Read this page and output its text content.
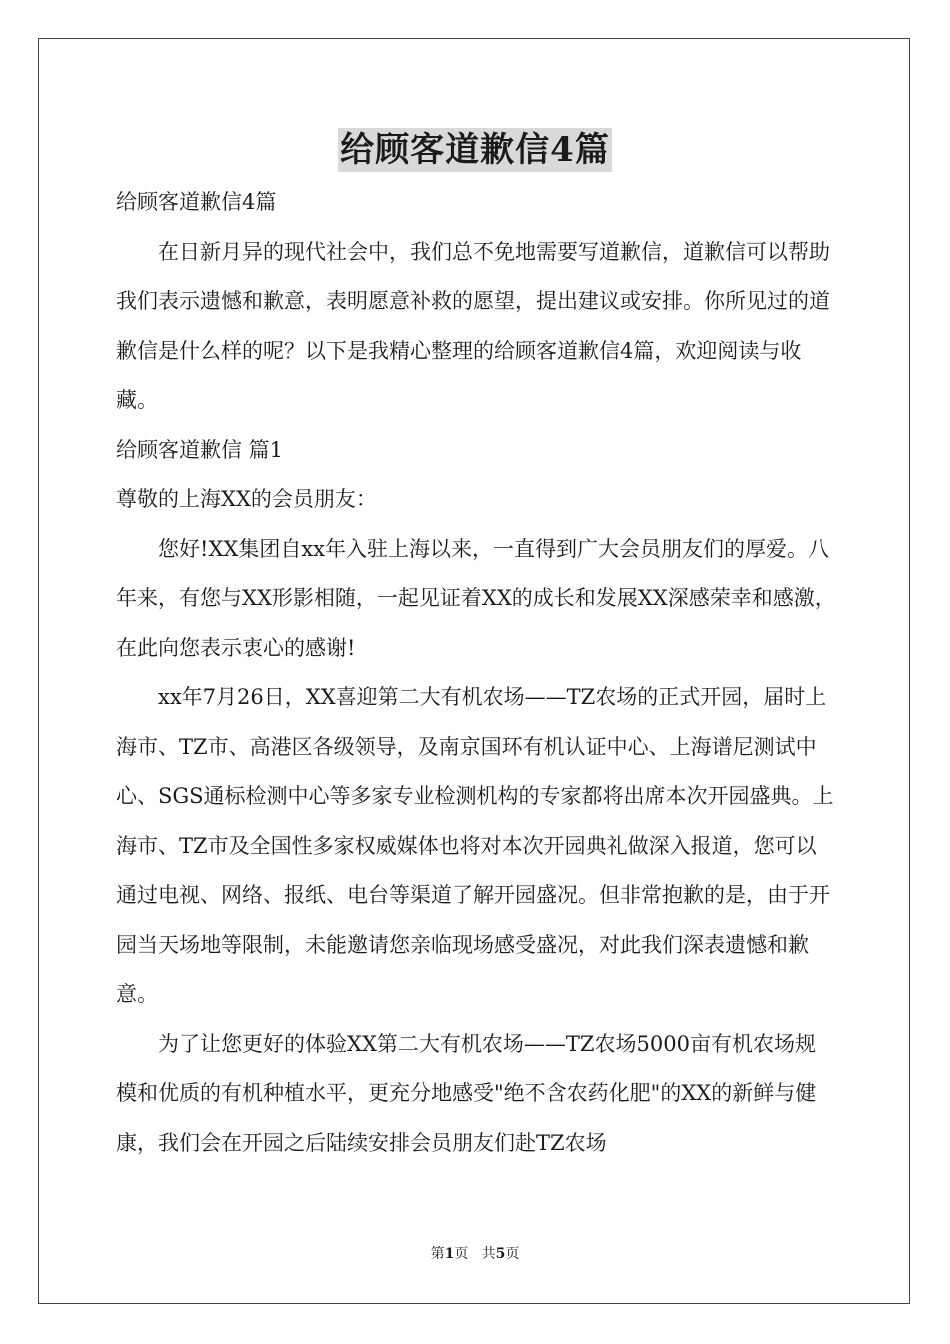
给顾客道歉信4篇

给顾客道歉信4篇

在日新月异的现代社会中，我们总不免地需要写道歉信，道歉信可以帮助我们表示遗憾和歉意，表明愿意补救的愿望，提出建议或安排。你所见过的道歉信是什么样的呢？以下是我精心整理的给顾客道歉信4篇，欢迎阅读与收藏。

给顾客道歉信 篇1

尊敬的上海XX的会员朋友：

您好!XX集团自xx年入驻上海以来，一直得到广大会员朋友们的厚爱。八年来，有您与XX形影相随，一起见证着XX的成长和发展XX深感荣幸和感激，在此向您表示衷心的感谢!

xx年7月26日，XX喜迎第二大有机农场——TZ农场的正式开园，届时上海市、TZ市、高港区各级领导，及南京国环有机认证中心、上海谱尼测试中心、SGS通标检测中心等多家专业检测机构的专家都将出席本次开园盛典。上海市、TZ市及全国性多家权威媒体也将对本次开园典礼做深入报道，您可以通过电视、网络、报纸、电台等渠道了解开园盛况。但非常抱歉的是，由于开园当天场地等限制，未能邀请您亲临现场感受盛况，对此我们深表遗憾和歉意。

为了让您更好的体验XX第二大有机农场——TZ农场5000亩有机农场规模和优质的有机种植水平，更充分地感受"绝不含农药化肥"的XX的新鲜与健康，我们会在开园之后陆续安排会员朋友们赴TZ农场

第1页 共5页
